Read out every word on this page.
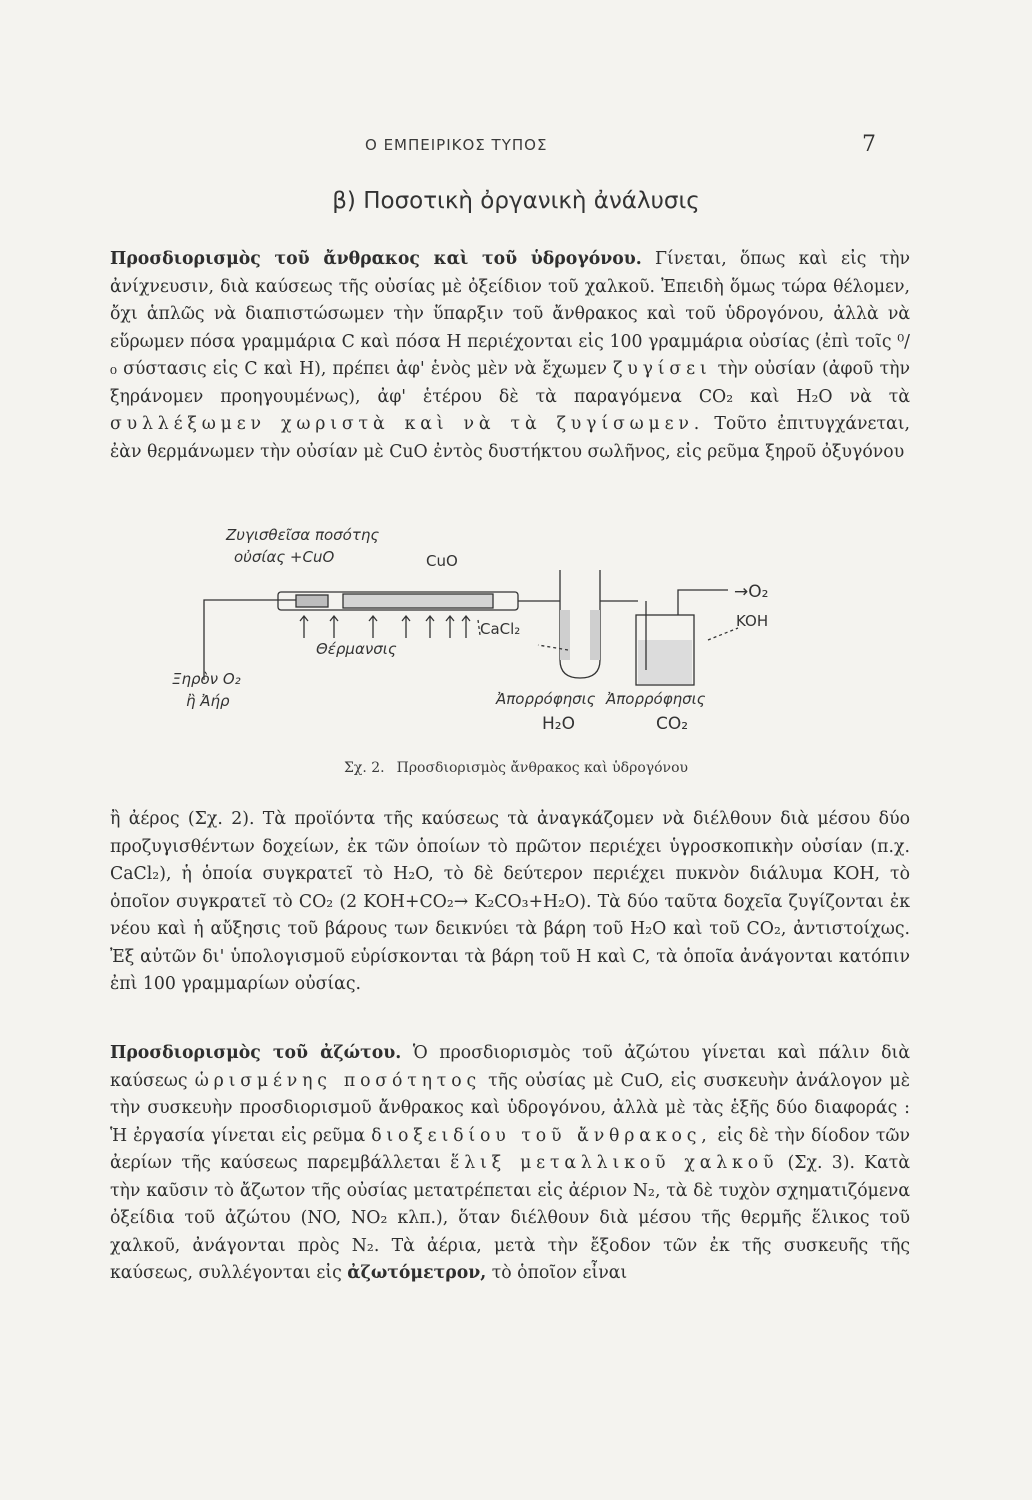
Ο ΕΜΠΕΙΡΙΚΟΣ ΤΥΠΟΣ	7
β) Ποσοτικὴ ὀργανικὴ ἀνάλυσις

Προσδιορισμὸς τοῦ ἄνθρακος καὶ τοῦ ὑδρογόνου. Γίνεται, ὅπως καὶ εἰς τὴν ἀνίχνευσιν, διὰ καύσεως τῆς οὐσίας μὲ ὀξείδιον τοῦ χαλκοῦ. Ἐπειδὴ ὅμως τώρα θέλομεν, ὄχι ἁπλῶς νὰ διαπιστώσωμεν τὴν ὕπαρξιν τοῦ ἄνθρακος καὶ τοῦ ὑδρογόνου, ἀλλὰ νὰ εὕρωμεν πόσα γραμμάρια C καὶ πόσα Η περιέχονται εἰς 100 γραμμάρια οὐσίας (ἐπὶ τοῖς ⁰/₀ σύστασις εἰς C καὶ Η), πρέπει ἀφ' ἑνὸς μὲν νὰ ἔχωμεν ζυγίσει τὴν οὐσίαν (ἀφοῦ τὴν ξηράνομεν προηγουμένως), ἀφ' ἑτέρου δὲ τὰ παραγόμενα CO₂ καὶ H₂O νὰ τὰ συλλέξωμεν χωριστὰ καὶ νὰ τὰ ζυγίσωμεν. Τοῦτο ἐπιτυγχάνεται, ἐὰν θερμάνωμεν τὴν οὐσίαν μὲ CuO ἐντὸς δυστήκτου σωλῆνος, εἰς ρεῦμα ξηροῦ ὀξυγόνου

Ζυγισθεῖσα ποσότης
οὐσίας +CuO	CuO
→O₂
KOH
CaCl₂
Θέρμανσις
Ξηρὸν O₂
ἢ Ἀήρ	Ἀπορρόφησις Ἀπορρόφησις
H₂O	CO₂
Σχ. 2. Προσδιορισμὸς ἄνθρακος καὶ ὑδρογόνου

ἢ ἀέρος (Σχ. 2). Τὰ προϊόντα τῆς καύσεως τὰ ἀναγκάζομεν νὰ διέλθουν διὰ μέσου δύο προζυγισθέντων δοχείων, ἐκ τῶν ὁποίων τὸ πρῶτον περιέχει ὑγροσκοπικὴν οὐσίαν (π.χ. CaCl₂), ἡ ὁποία συγκρατεῖ τὸ H₂O, τὸ δὲ δεύτερον περιέχει πυκνὸν διάλυμα KOH, τὸ ὁποῖον συγκρατεῖ τὸ CO₂ (2 KOH+CO₂→ K₂CO₃+H₂O). Τὰ δύο ταῦτα δοχεῖα ζυγίζονται ἐκ νέου καὶ ἡ αὔξησις τοῦ βάρους των δεικνύει τὰ βάρη τοῦ H₂O καὶ τοῦ CO₂, ἀντιστοίχως. Ἐξ αὐτῶν δι' ὑπολογισμοῦ εὑρίσκονται τὰ βάρη τοῦ Η καὶ C, τὰ ὁποῖα ἀνάγονται κατόπιν ἐπὶ 100 γραμμαρίων οὐσίας.

Προσδιορισμὸς τοῦ ἀζώτου. Ὁ προσδιορισμὸς τοῦ ἀζώτου γίνεται καὶ πάλιν διὰ καύσεως ὡρισμένης ποσότητος τῆς οὐσίας μὲ CuO, εἰς συσκευὴν ἀνάλογον μὲ τὴν συσκευὴν προσδιορισμοῦ ἄνθρακος καὶ ὑδρογόνου, ἀλλὰ μὲ τὰς ἑξῆς δύο διαφοράς : Ἡ ἐργασία γίνεται εἰς ρεῦμα διοξειδίου τοῦ ἄνθρακος, εἰς δὲ τὴν δίοδον τῶν ἀερίων τῆς καύσεως παρεμβάλλεται ἕλιξ μεταλλικοῦ χαλκοῦ (Σχ. 3). Κατὰ τὴν καῦσιν τὸ ἄζωτον τῆς οὐσίας μετατρέπεται εἰς ἀέριον N₂, τὰ δὲ τυχὸν σχηματιζόμενα ὀξείδια τοῦ ἀζώτου (NO, NO₂ κλπ.), ὅταν διέλθουν διὰ μέσου τῆς θερμῆς ἕλικος τοῦ χαλκοῦ, ἀνάγονται πρὸς N₂. Τὰ ἀέρια, μετὰ τὴν ἔξοδον τῶν ἐκ τῆς συσκευῆς τῆς καύσεως, συλλέγονται εἰς ἀζωτόμετρον, τὸ ὁποῖον εἶναι
